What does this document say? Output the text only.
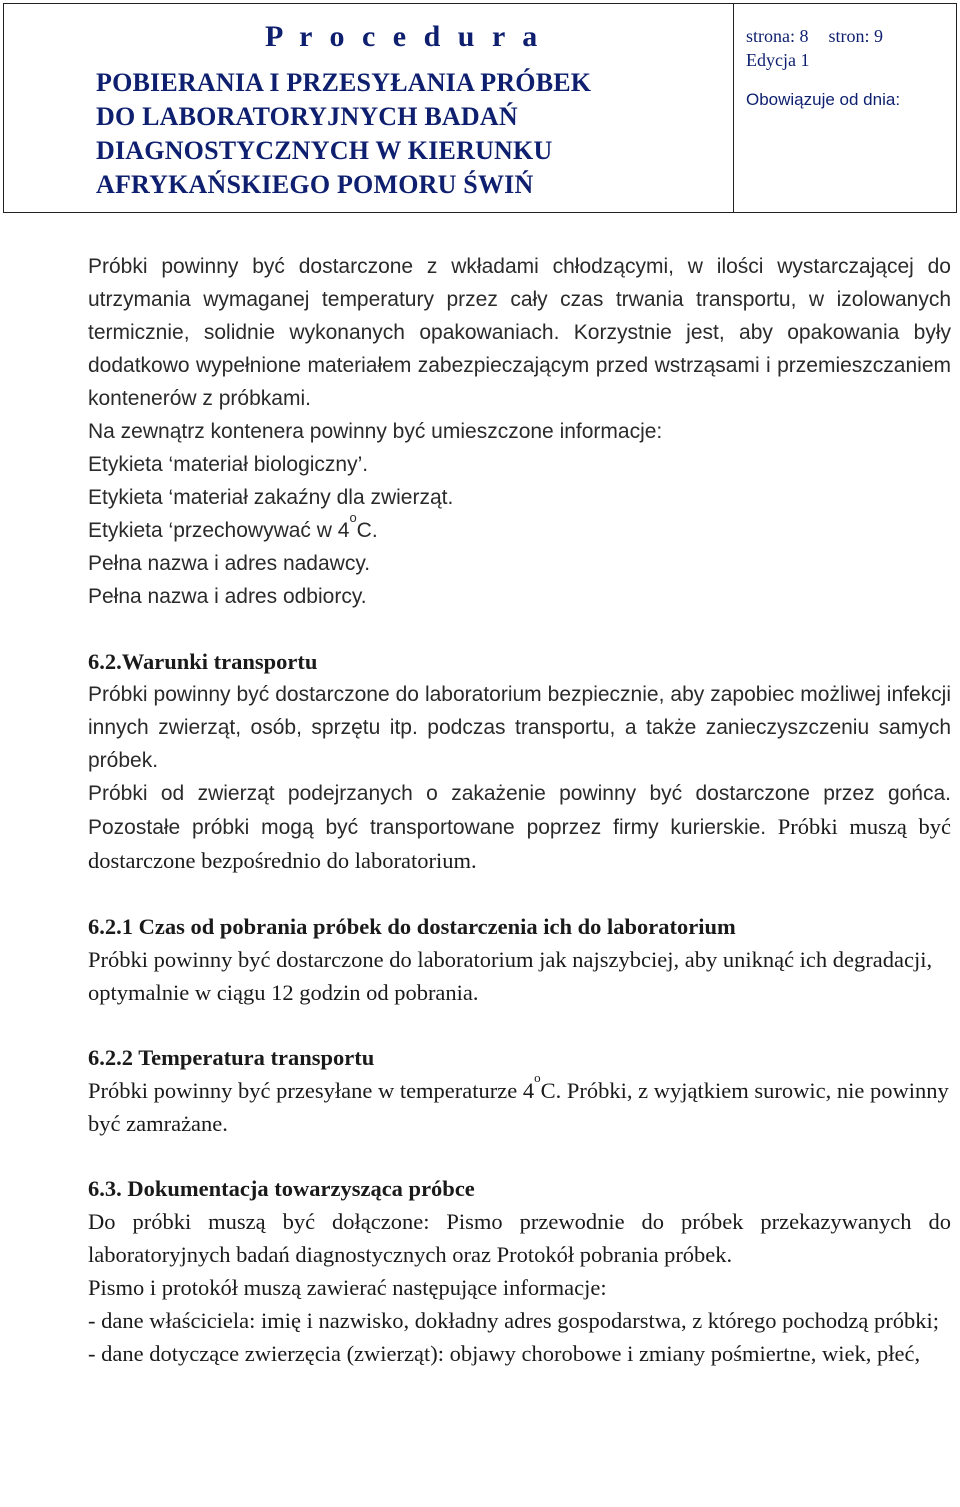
P r o c e d u r a
POBIERANIA I PRZESYŁANIA PRÓBEK
DO LABORATORYJNYCH BADAŃ
DIAGNOSTYCZNYCH W KIERUNKU
AFRYKAŃSKIEGO POMORU ŚWIŃ
strona: 8 stron: 9
Edycja 1
Obowiązuje od dnia:

Próbki powinny być dostarczone z wkładami chłodzącymi, w ilości wystarczającej do utrzymania wymaganej temperatury przez cały czas trwania transportu, w izolowanych termicznie, solidnie wykonanych opakowaniach. Korzystnie jest, aby opakowania były dodatkowo wypełnione materiałem zabezpieczającym przed wstrząsami i przemieszczaniem kontenerów z próbkami.

Na zewnątrz kontenera powinny być umieszczone informacje:

Etykieta ‘materiał biologiczny’.

Etykieta ‘materiał zakaźny dla zwierząt.

Etykieta ‘przechowywać w 4$^o$C.

Pełna nazwa i adres nadawcy.

Pełna nazwa i adres odbiorcy.

6.2.Warunki transportu

Próbki powinny być dostarczone do laboratorium bezpiecznie, aby zapobiec możliwej infekcji innych zwierząt, osób, sprzętu itp. podczas transportu, a także zanieczyszczeniu samych próbek.

Próbki od zwierząt podejrzanych o zakażenie powinny być dostarczone przez gońca. Pozostałe próbki mogą być transportowane poprzez firmy kurierskie. Próbki muszą być dostarczone bezpośrednio do laboratorium.

6.2.1 Czas od pobrania próbek do dostarczenia ich do laboratorium

Próbki powinny być dostarczone do laboratorium jak najszybciej, aby uniknąć ich degradacji, optymalnie w ciągu 12 godzin od pobrania.

6.2.2 Temperatura transportu

Próbki powinny być przesyłane w temperaturze 4$^o$C. Próbki, z wyjątkiem surowic, nie powinny być zamrażane.

6.3. Dokumentacja towarzysząca próbce

Do próbki muszą być dołączone: Pismo przewodnie do próbek przekazywanych do laboratoryjnych badań diagnostycznych oraz Protokół pobrania próbek.

Pismo i protokół muszą zawierać następujące informacje:

- dane właściciela: imię i nazwisko, dokładny adres gospodarstwa, z którego pochodzą próbki;

- dane dotyczące zwierzęcia (zwierząt): objawy chorobowe i zmiany pośmiertne, wiek, płeć,
